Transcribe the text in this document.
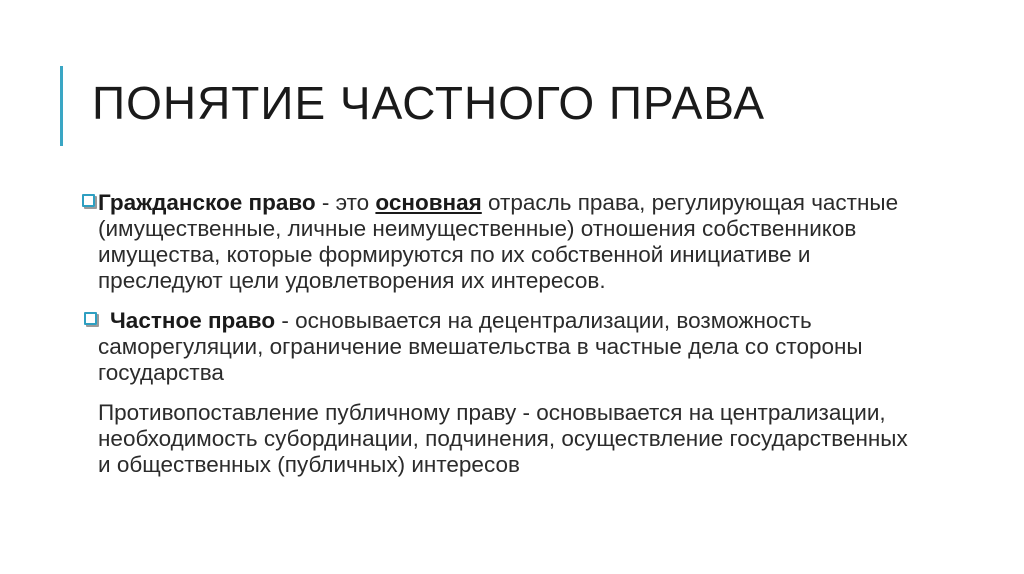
ПОНЯТИЕ ЧАСТНОГО ПРАВА

Гражданское право - это основная отрасль права, регулирующая частные (имущественные, личные неимущественные) отношения собственников имущества, которые формируются по их собственной инициативе и преследуют цели удовлетворения их интересов.

Частное право - основывается на децентрализации, возможность саморегуляции, ограничение вмешательства в частные дела со стороны государства

Противопоставление публичному праву - основывается на централизации, необходимость субординации, подчинения, осуществление государственных и общественных (публичных) интересов
